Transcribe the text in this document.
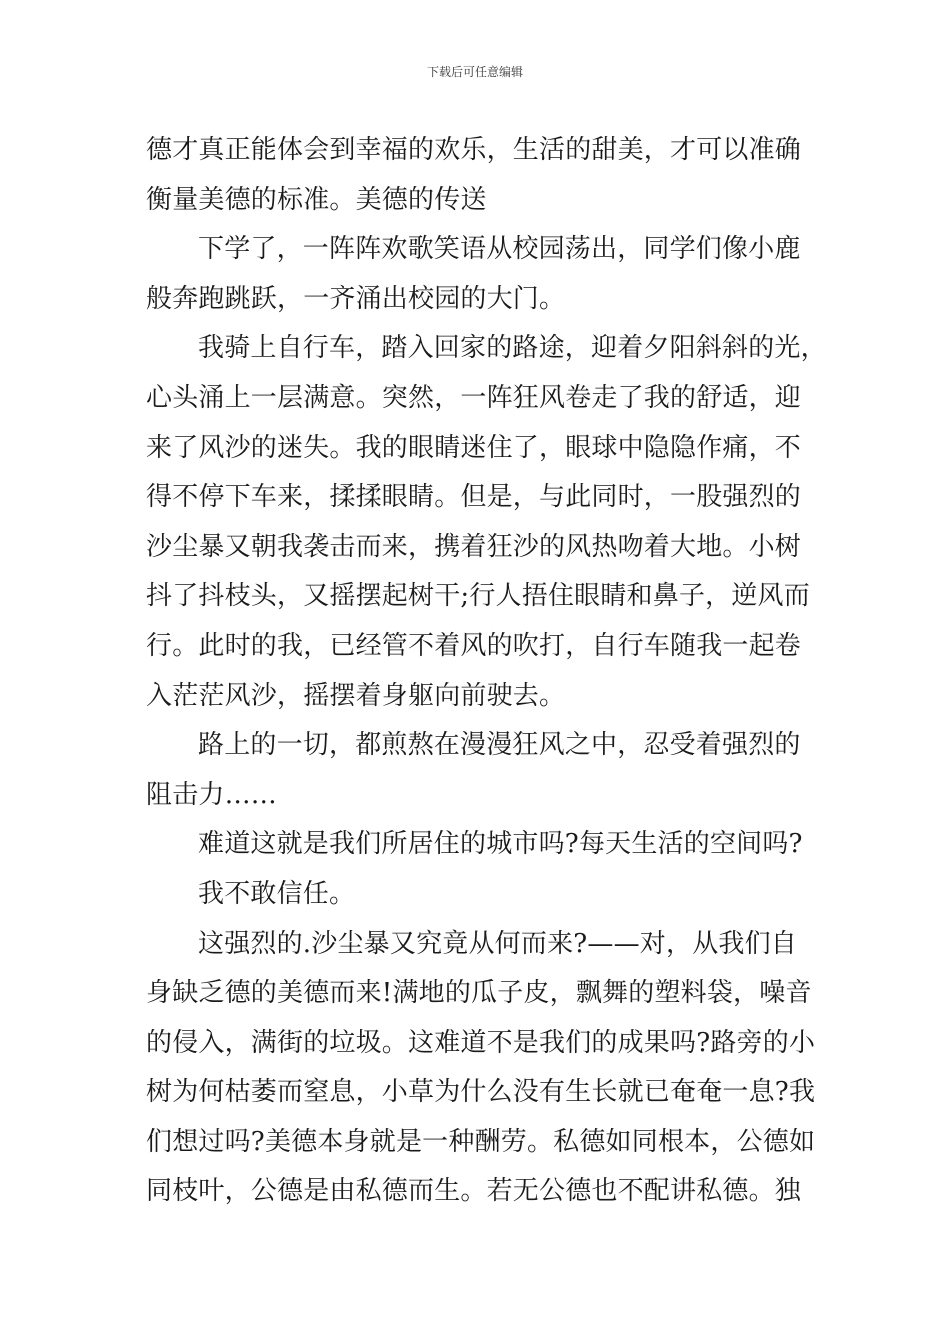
下载后可任意编辑
德才真正能体会到幸福的欢乐，生活的甜美，才可以准确
衡量美德的标准。美德的传送
下学了，一阵阵欢歌笑语从校园荡出，同学们像小鹿
般奔跑跳跃，一齐涌出校园的大门。
我骑上自行车，踏入回家的路途，迎着夕阳斜斜的光，
心头涌上一层满意。突然，一阵狂风卷走了我的舒适，迎
来了风沙的迷失。我的眼睛迷住了，眼球中隐隐作痛，不
得不停下车来，揉揉眼睛。但是，与此同时，一股强烈的
沙尘暴又朝我袭击而来，携着狂沙的风热吻着大地。小树
抖了抖枝头，又摇摆起树干;行人捂住眼睛和鼻子，逆风而
行。此时的我，已经管不着风的吹打，自行车随我一起卷
入茫茫风沙，摇摆着身躯向前驶去。
路上的一切，都煎熬在漫漫狂风之中，忍受着强烈的
阻击力……
难道这就是我们所居住的城市吗?每天生活的空间吗?
我不敢信任。
这强烈的.沙尘暴又究竟从何而来?——对，从我们自
身缺乏德的美德而来!满地的瓜子皮，飘舞的塑料袋，噪音
的侵入，满街的垃圾。这难道不是我们的成果吗?路旁的小
树为何枯萎而窒息，小草为什么没有生长就已奄奄一息?我
们想过吗?美德本身就是一种酬劳。私德如同根本，公德如
同枝叶，公德是由私德而生。若无公德也不配讲私德。独
